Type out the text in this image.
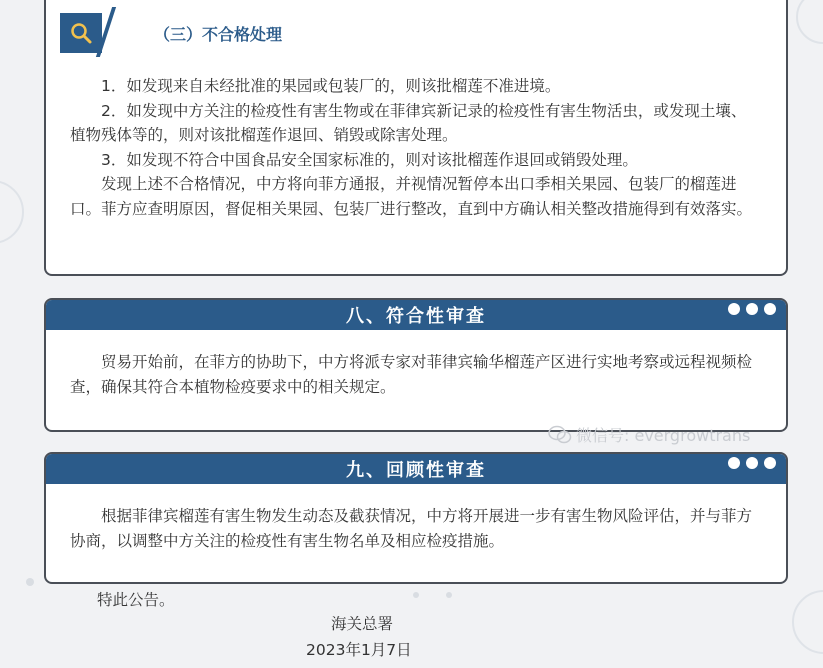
（三）不合格处理

1．如发现来自未经批准的果园或包装厂的，则该批榴莲不准进境。

2．如发现中方关注的检疫性有害生物或在菲律宾新记录的检疫性有害生物活虫，或发现土壤、植物残体等的，则对该批榴莲作退回、销毁或除害处理。

3．如发现不符合中国食品安全国家标准的，则对该批榴莲作退回或销毁处理。

发现上述不合格情况，中方将向菲方通报，并视情况暂停本出口季相关果园、包装厂的榴莲进口。菲方应查明原因，督促相关果园、包装厂进行整改，直到中方确认相关整改措施得到有效落实。

八、符合性审查

贸易开始前，在菲方的协助下，中方将派专家对菲律宾输华榴莲产区进行实地考察或远程视频检查，确保其符合本植物检疫要求中的相关规定。

微信号: evergrowtrans
九、回顾性审查

根据菲律宾榴莲有害生物发生动态及截获情况，中方将开展进一步有害生物风险评估，并与菲方协商，以调整中方关注的检疫性有害生物名单及相应检疫措施。

特此公告。
海关总署
2023年1月7日
